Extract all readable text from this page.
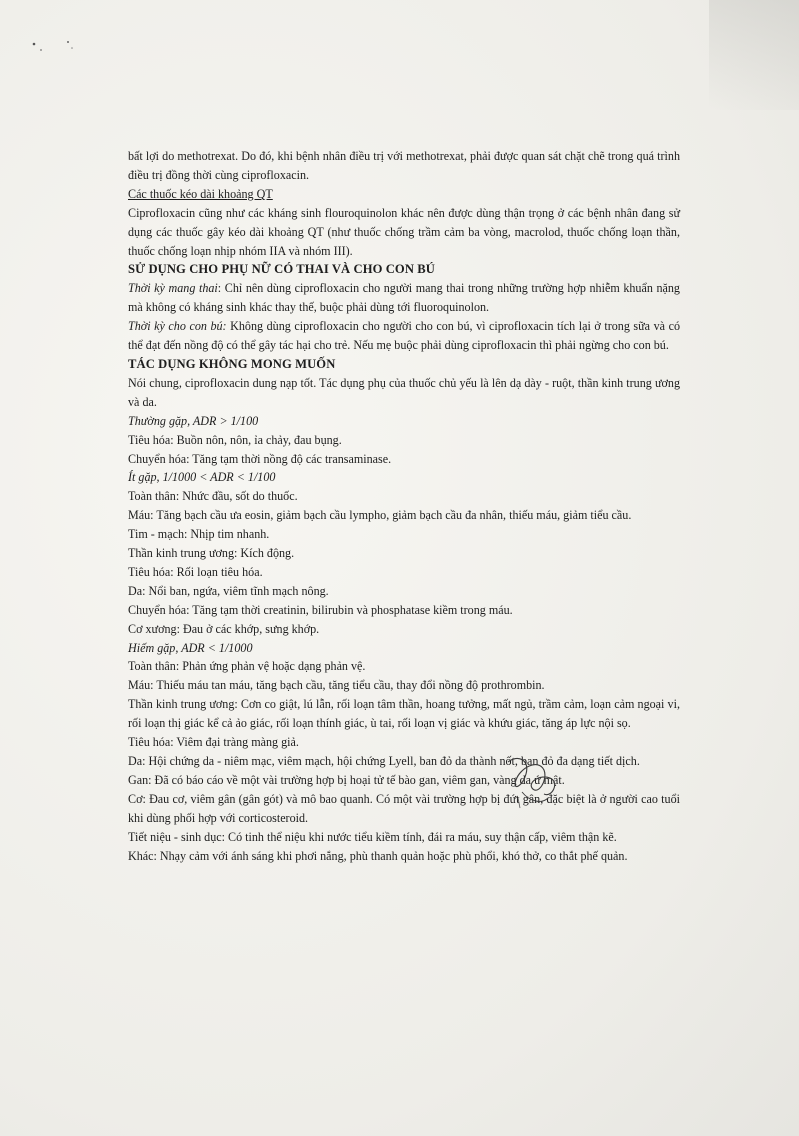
bất lợi do methotrexat. Do đó, khi bệnh nhân điều trị với methotrexat, phải được quan sát chặt chẽ trong quá trình điều trị đồng thời cùng ciprofloxacin.

Các thuốc kéo dài khoảng QT

Ciprofloxacin cũng như các kháng sinh flouroquinolon khác nên được dùng thận trọng ở các bệnh nhân đang sử dụng các thuốc gây kéo dài khoảng QT (như thuốc chống trầm cảm ba vòng, macrolod, thuốc chống loạn thần, thuốc chống loạn nhịp nhóm IIA và nhóm III).

SỬ DỤNG CHO PHỤ NỮ CÓ THAI VÀ CHO CON BÚ

Thời kỳ mang thai: Chỉ nên dùng ciprofloxacin cho người mang thai trong những trường hợp nhiễm khuẩn nặng mà không có kháng sinh khác thay thế, buộc phải dùng tới fluoroquinolon.

Thời kỳ cho con bú: Không dùng ciprofloxacin cho người cho con bú, vì ciprofloxacin tích lại ở trong sữa và có thể đạt đến nồng độ có thể gây tác hại cho trẻ. Nếu mẹ buộc phải dùng ciprofloxacin thì phải ngừng cho con bú.

TÁC DỤNG KHÔNG MONG MUỐN

Nói chung, ciprofloxacin dung nạp tốt. Tác dụng phụ của thuốc chủ yếu là lên dạ dày - ruột, thần kinh trung ương và da.

Thường gặp, ADR > 1/100

Tiêu hóa: Buồn nôn, nôn, ỉa chảy, đau bụng.

Chuyển hóa: Tăng tạm thời nồng độ các transaminase.

Ít gặp, 1/1000 < ADR < 1/100

Toàn thân: Nhức đầu, sốt do thuốc.

Máu: Tăng bạch cầu ưa eosin, giảm bạch cầu lympho, giảm bạch cầu đa nhân, thiếu máu, giảm tiểu cầu.

Tim - mạch: Nhịp tim nhanh.

Thần kinh trung ương: Kích động.

Tiêu hóa: Rối loạn tiêu hóa.

Da: Nổi ban, ngứa, viêm tĩnh mạch nông.

Chuyển hóa: Tăng tạm thời creatinin, bilirubin và phosphatase kiềm trong máu.

Cơ xương: Đau ở các khớp, sưng khớp.

Hiếm gặp, ADR < 1/1000

Toàn thân: Phản ứng phản vệ hoặc dạng phản vệ.

Máu: Thiếu máu tan máu, tăng bạch cầu, tăng tiểu cầu, thay đổi nồng độ prothrombin.

Thần kinh trung ương: Cơn co giật, lú lẫn, rối loạn tâm thần, hoang tưởng, mất ngủ, trầm cảm, loạn cảm ngoại vi, rối loạn thị giác kể cả ảo giác, rối loạn thính giác, ù tai, rối loạn vị giác và khứu giác, tăng áp lực nội sọ.

Tiêu hóa: Viêm đại tràng màng giả.

Da: Hội chứng da - niêm mạc, viêm mạch, hội chứng Lyell, ban đỏ da thành nốt, ban đỏ đa dạng tiết dịch.

Gan: Đã có báo cáo về một vài trường hợp bị hoại tử tế bào gan, viêm gan, vàng da ứ mật.

Cơ: Đau cơ, viêm gân (gân gót) và mô bao quanh. Có một vài trường hợp bị đứt gân, đặc biệt là ở người cao tuổi khi dùng phối hợp với corticosteroid.

Tiết niệu - sinh dục: Có tinh thể niệu khi nước tiểu kiềm tính, đái ra máu, suy thận cấp, viêm thận kẽ.

Khác: Nhạy cảm với ánh sáng khi phơi nắng, phù thanh quản hoặc phù phổi, khó thở, co thắt phế quản.
